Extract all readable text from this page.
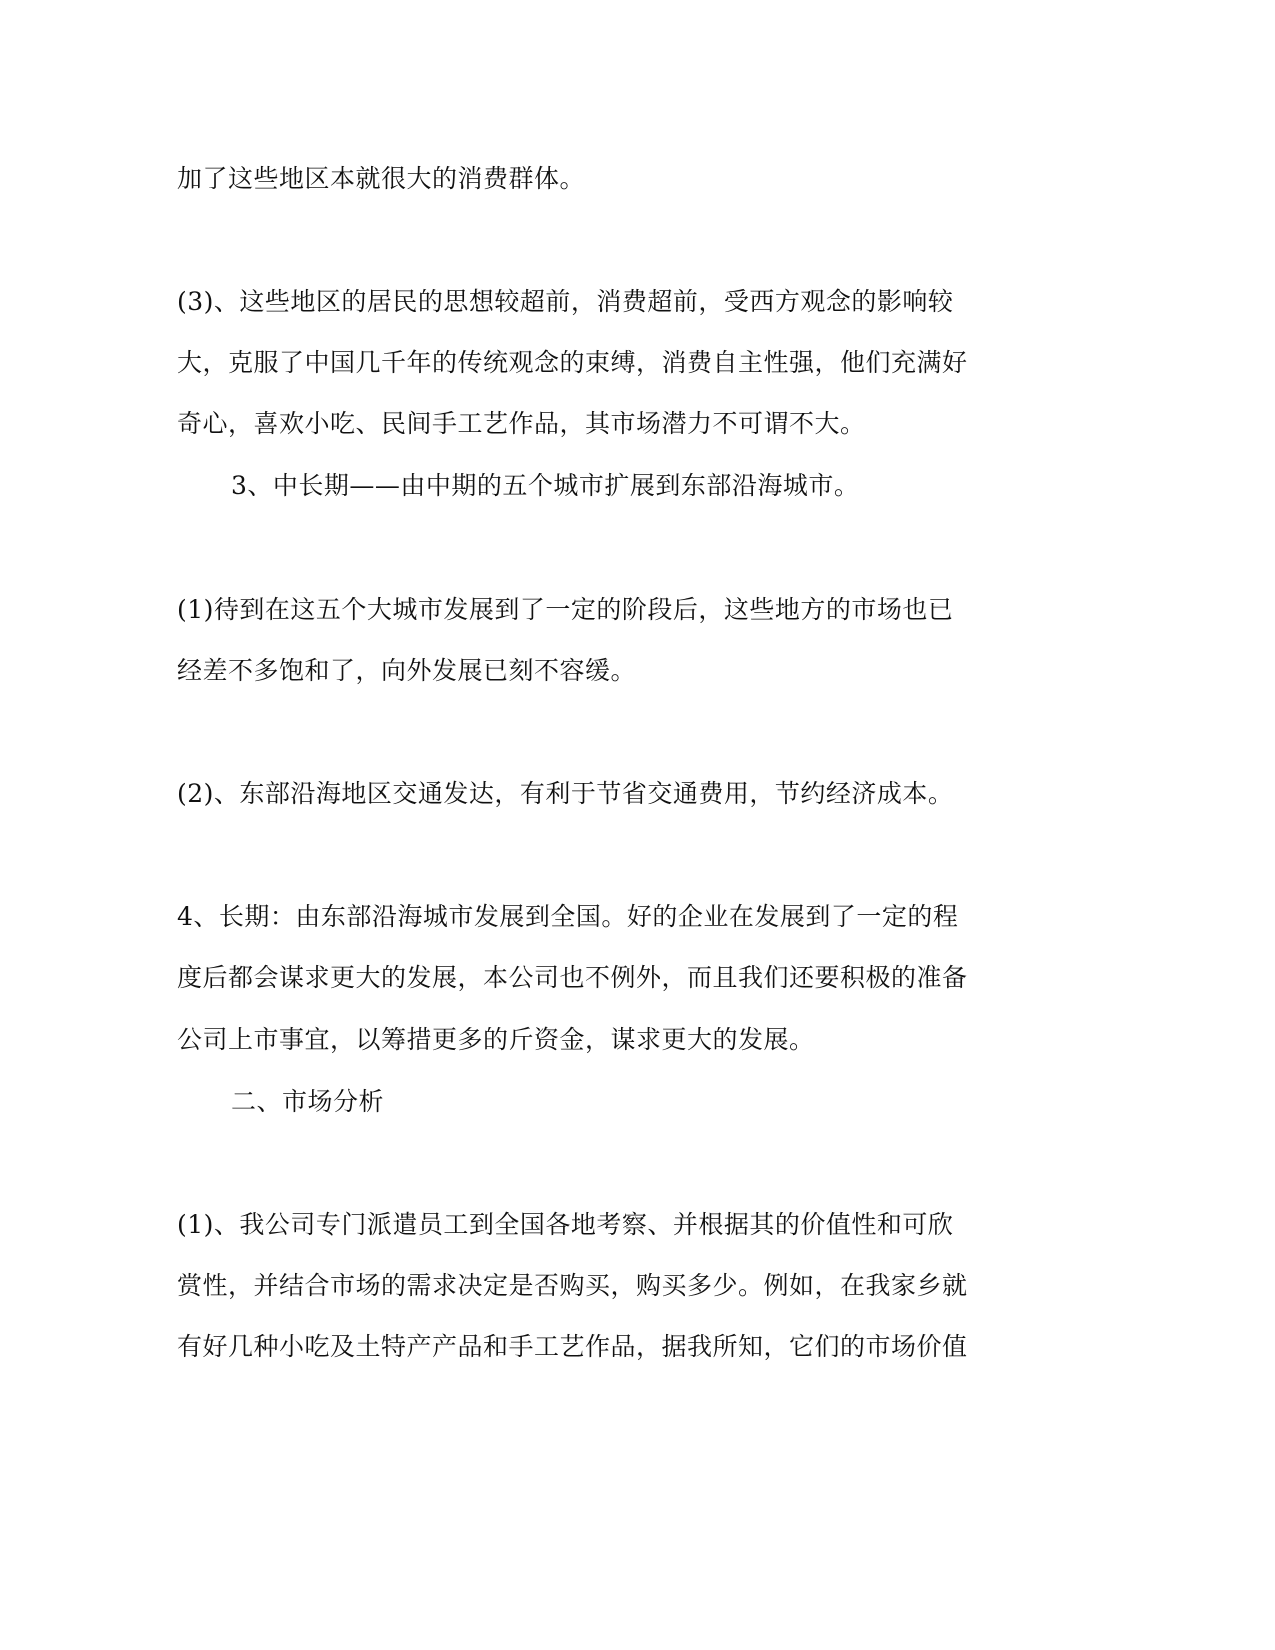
加了这些地区本就很大的消费群体。
(3)、这些地区的居民的思想较超前，消费超前，受西方观念的影响较
大，克服了中国几千年的传统观念的束缚，消费自主性强，他们充满好
奇心，喜欢小吃、民间手工艺作品，其市场潜力不可谓不大。
3、中长期——由中期的五个城市扩展到东部沿海城市。
(1)待到在这五个大城市发展到了一定的阶段后，这些地方的市场也已
经差不多饱和了，向外发展已刻不容缓。
(2)、东部沿海地区交通发达，有利于节省交通费用，节约经济成本。
4、长期：由东部沿海城市发展到全国。好的企业在发展到了一定的程
度后都会谋求更大的发展，本公司也不例外，而且我们还要积极的准备
公司上市事宜，以筹措更多的斤资金，谋求更大的发展。
二、市场分析
(1)、我公司专门派遣员工到全国各地考察、并根据其的价值性和可欣
赏性，并结合市场的需求决定是否购买，购买多少。例如，在我家乡就
有好几种小吃及土特产产品和手工艺作品，据我所知，它们的市场价值
